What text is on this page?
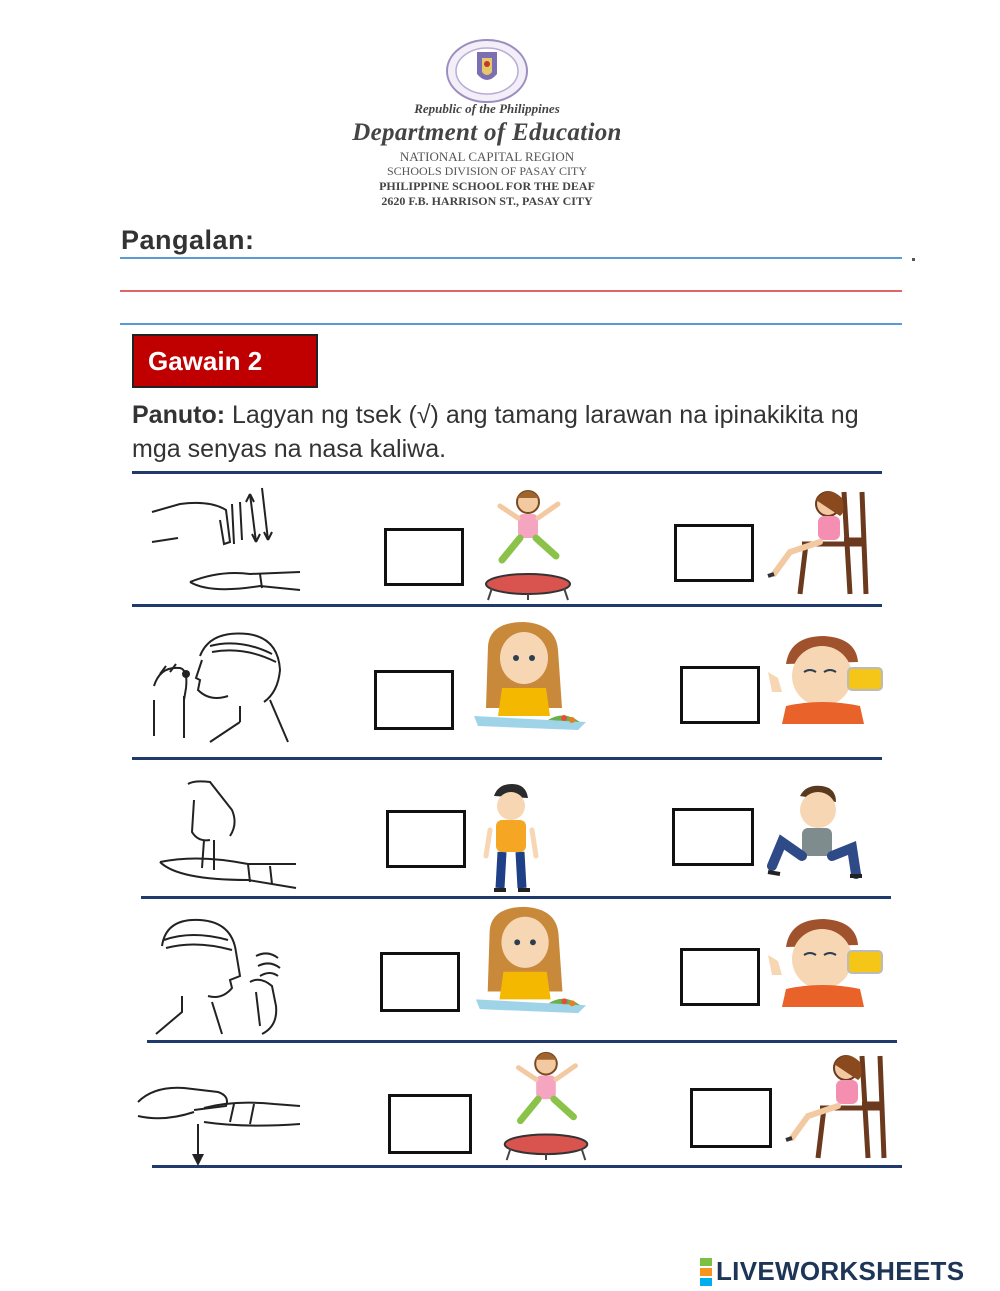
Republic of the Philippines
Department of Education
NATIONAL CAPITAL REGION
SCHOOLS DIVISION OF PASAY CITY
PHILIPPINE SCHOOL FOR THE DEAF
2620 F.B. HARRISON ST., PASAY CITY
Pangalan:
Gawain 2
Panuto: Lagyan ng tsek (√) ang tamang larawan na ipinakikita ng mga senyas na nasa kaliwa.
LIVEWORKSHEETS
